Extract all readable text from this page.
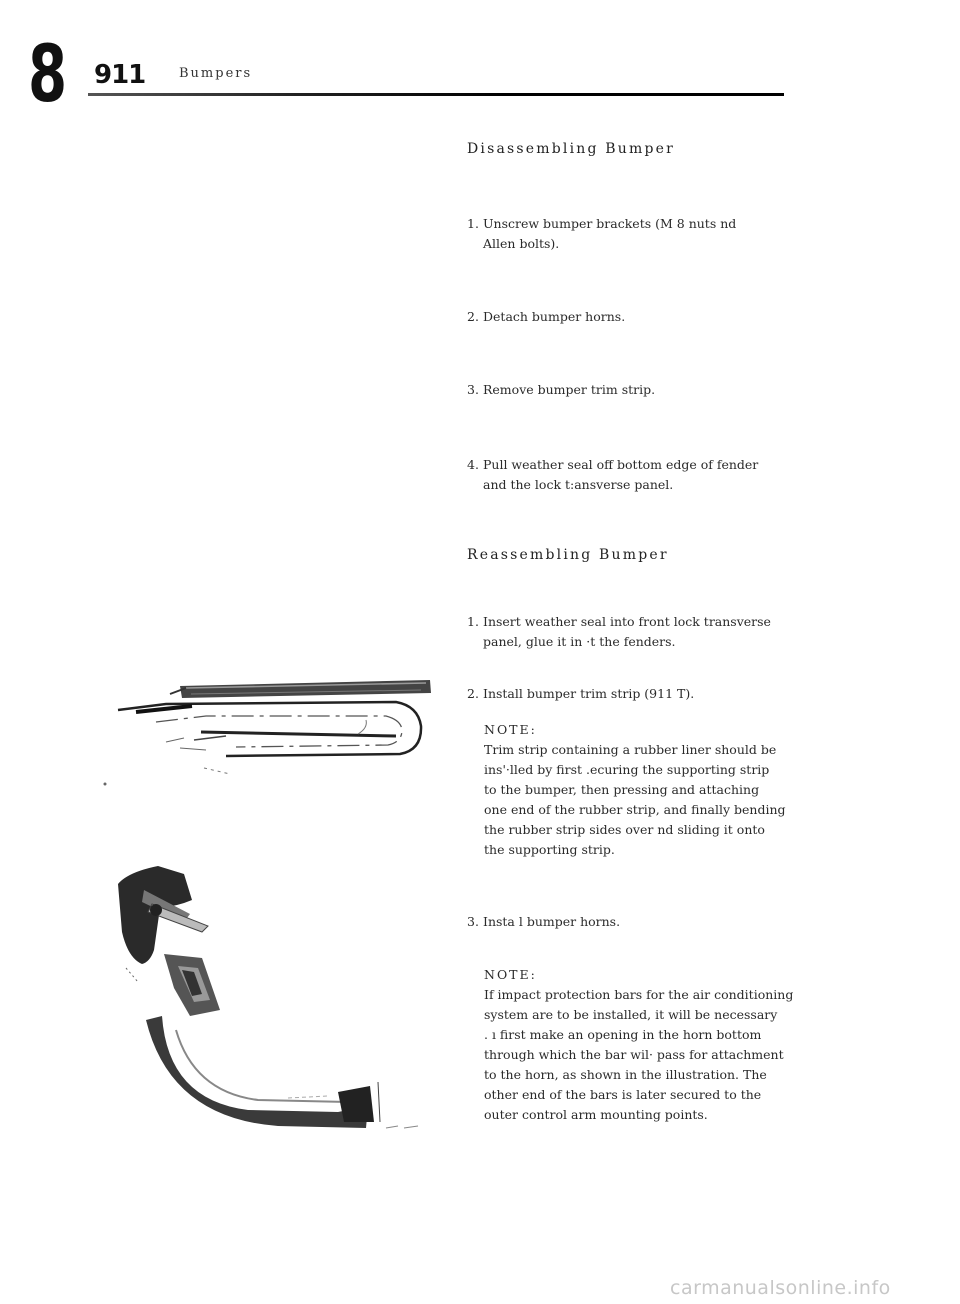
8 911	Bumpers
Disassembling Bumper
1. Unscrew bumper brackets (M 8 nuts nd
Allen bolts).
2. Detach bumper horns.
3. Remove bumper trim strip.
4. Pull weather seal off bottom edge of fender
and the lock t:ansverse panel.
Reassembling Bumper
1. Insert weather seal into front lock transverse
panel, glue it in ·t the fenders.
2. Install bumper trim strip (911 T).
NOTE:
Trim strip containing a rubber liner should be
ins'·lled by first .ecuring the supporting strip
to the bumper, then pressing and attaching
one end of the rubber strip, and finally bending
the rubber strip sides over nd sliding it onto
the supporting strip.
3. Insta l bumper horns.
NOTE:
If impact protection bars for the air conditioning
system are to be installed, it will be necessary
. ı first make an opening in the horn bottom
through which the bar wil· pass for attachment
to the horn, as shown in the illustration. The
other end of the bars is later secured to the
outer control arm mounting points.
carmanualsonline.info
